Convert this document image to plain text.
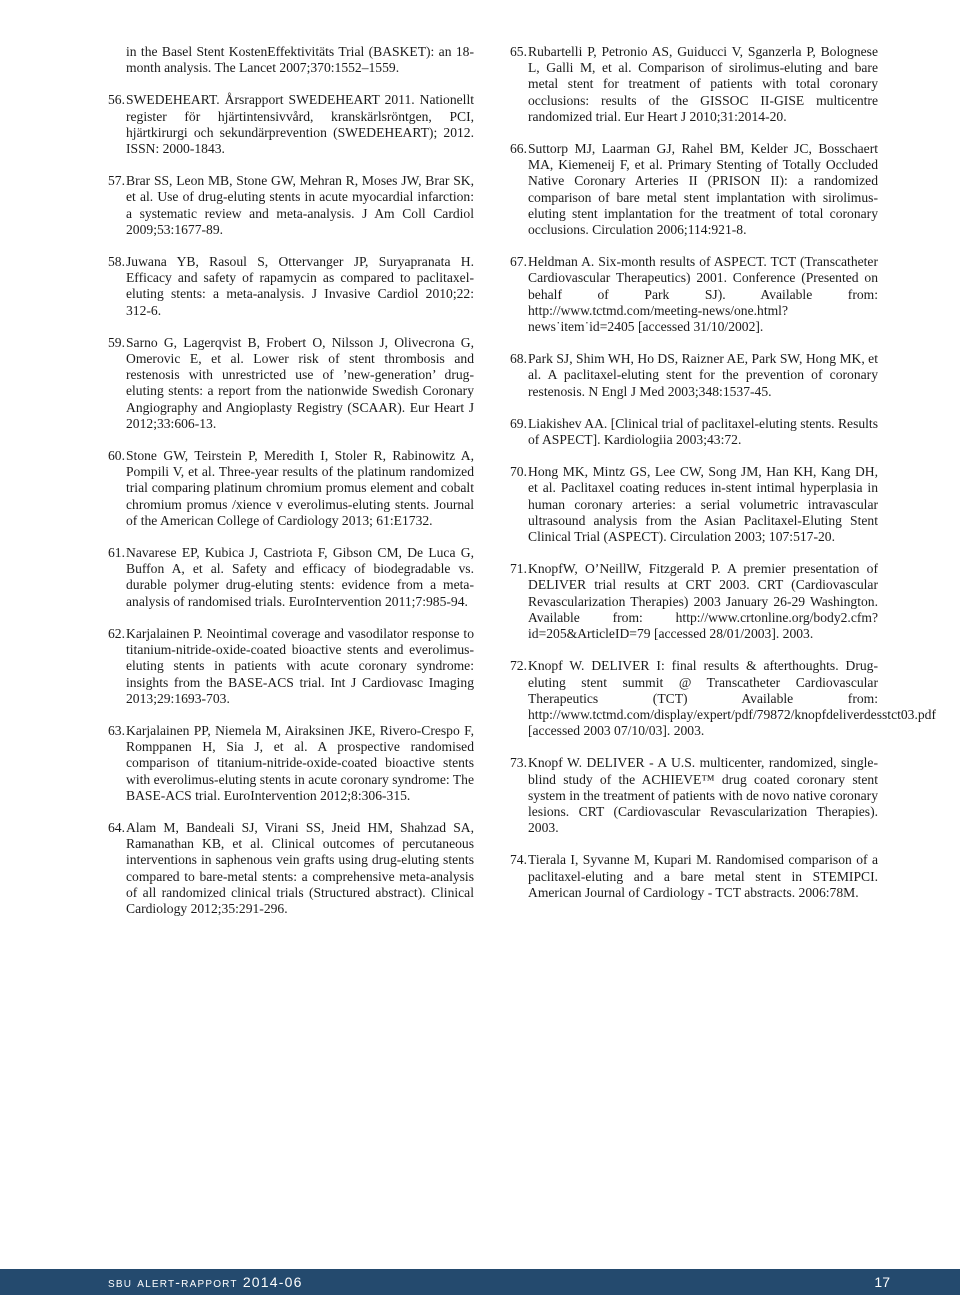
in the Basel Stent KostenEffektivitäts Trial (BASKET): an 18-month analysis. The Lancet 2007;370:1552–1559.
56. SWEDEHEART. Årsrapport SWEDEHEART 2011. Nationellt register för hjärtintensivvård, kranskärlsröntgen, PCI, hjärtkirurgi och sekundärprevention (SWEDEHEART); 2012. ISSN: 2000-1843.
57. Brar SS, Leon MB, Stone GW, Mehran R, Moses JW, Brar SK, et al. Use of drug-eluting stents in acute myocardial infarction: a systematic review and meta-analysis. J Am Coll Cardiol 2009;53:1677-89.
58. Juwana YB, Rasoul S, Ottervanger JP, Suryapranata H. Efficacy and safety of rapamycin as compared to paclitaxel-eluting stents: a meta-analysis. J Invasive Cardiol 2010;22: 312-6.
59. Sarno G, Lagerqvist B, Frobert O, Nilsson J, Olivecrona G, Omerovic E, et al. Lower risk of stent thrombosis and restenosis with unrestricted use of ’new-generation’ drug-eluting stents: a report from the nationwide Swedish Coronary Angiography and Angioplasty Registry (SCAAR). Eur Heart J 2012;33:606-13.
60. Stone GW, Teirstein P, Meredith I, Stoler R, Rabinowitz A, Pompili V, et al. Three-year results of the platinum randomized trial comparing platinum chromium promus element and cobalt chromium promus /xience v everolimus-eluting stents. Journal of the American College of Cardiology 2013; 61:E1732.
61. Navarese EP, Kubica J, Castriota F, Gibson CM, De Luca G, Buffon A, et al. Safety and efficacy of biodegradable vs. durable polymer drug-eluting stents: evidence from a meta-analysis of randomised trials. EuroIntervention 2011;7:985-94.
62. Karjalainen P. Neointimal coverage and vasodilator response to titanium-nitride-oxide-coated bioactive stents and everolimus-eluting stents in patients with acute coronary syndrome: insights from the BASE-ACS trial. Int J Cardiovasc Imaging 2013;29:1693-703.
63. Karjalainen PP, Niemela M, Airaksinen JKE, Rivero-Crespo F, Romppanen H, Sia J, et al. A prospective randomised comparison of titanium-nitride-oxide-coated bioactive stents with everolimus-eluting stents in acute coronary syndrome: The BASE-ACS trial. EuroIntervention 2012;8:306-315.
64. Alam M, Bandeali SJ, Virani SS, Jneid HM, Shahzad SA, Ramanathan KB, et al. Clinical outcomes of percutaneous interventions in saphenous vein grafts using drug-eluting stents compared to bare-metal stents: a comprehensive meta-analysis of all randomized clinical trials (Structured abstract). Clinical Cardiology 2012;35:291-296.
65. Rubartelli P, Petronio AS, Guiducci V, Sganzerla P, Bolognese L, Galli M, et al. Comparison of sirolimus-eluting and bare metal stent for treatment of patients with total coronary occlusions: results of the GISSOC II-GISE multicentre randomized trial. Eur Heart J 2010;31:2014-20.
66. Suttorp MJ, Laarman GJ, Rahel BM, Kelder JC, Bosschaert MA, Kiemeneij F, et al. Primary Stenting of Totally Occluded Native Coronary Arteries II (PRISON II): a randomized comparison of bare metal stent implantation with sirolimus-eluting stent implantation for the treatment of total coronary occlusions. Circulation 2006;114:921-8.
67. Heldman A. Six-month results of ASPECT. TCT (Transcatheter Cardiovascular Therapeutics) 2001. Conference (Presented on behalf of Park SJ). Available from: http://www.tctmd.com/meeting-news/one.html?news˙item˙id=2405 [accessed 31/10/2002].
68. Park SJ, Shim WH, Ho DS, Raizner AE, Park SW, Hong MK, et al. A paclitaxel-eluting stent for the prevention of coronary restenosis. N Engl J Med 2003;348:1537-45.
69. Liakishev AA. [Clinical trial of paclitaxel-eluting stents. Results of ASPECT]. Kardiologiia 2003;43:72.
70. Hong MK, Mintz GS, Lee CW, Song JM, Han KH, Kang DH, et al. Paclitaxel coating reduces in-stent intimal hyperplasia in human coronary arteries: a serial volumetric intravascular ultrasound analysis from the Asian Paclitaxel-Eluting Stent Clinical Trial (ASPECT). Circulation 2003; 107:517-20.
71. KnopfW, O’NeillW, Fitzgerald P. A premier presentation of DELIVER trial results at CRT 2003. CRT (Cardiovascular Revascularization Therapies) 2003 January 26-29 Washington. Available from: http://www.crtonline.org/body2.cfm?id=205&ArticleID=79 [accessed 28/01/2003]. 2003.
72. Knopf W. DELIVER I: final results & afterthoughts. Drug-eluting stent summit @ Transcatheter Cardiovascular Therapeutics (TCT) Available from: http://www.tctmd.com/display/expert/pdf/79872/knopfdeliverdesstct03.pdf [accessed 2003 07/10/03]. 2003.
73. Knopf W. DELIVER - A U.S. multicenter, randomized, single-blind study of the ACHIEVE™ drug coated coronary stent system in the treatment of patients with de novo native coronary lesions. CRT (Cardiovascular Revascularization Therapies). 2003.
74. Tierala I, Syvanne M, Kupari M. Randomised comparison of a paclitaxel-eluting and a bare metal stent in STEMIPCI. American Journal of Cardiology - TCT abstracts. 2006:78M.
sbu alert-rapport 2014-06	17
